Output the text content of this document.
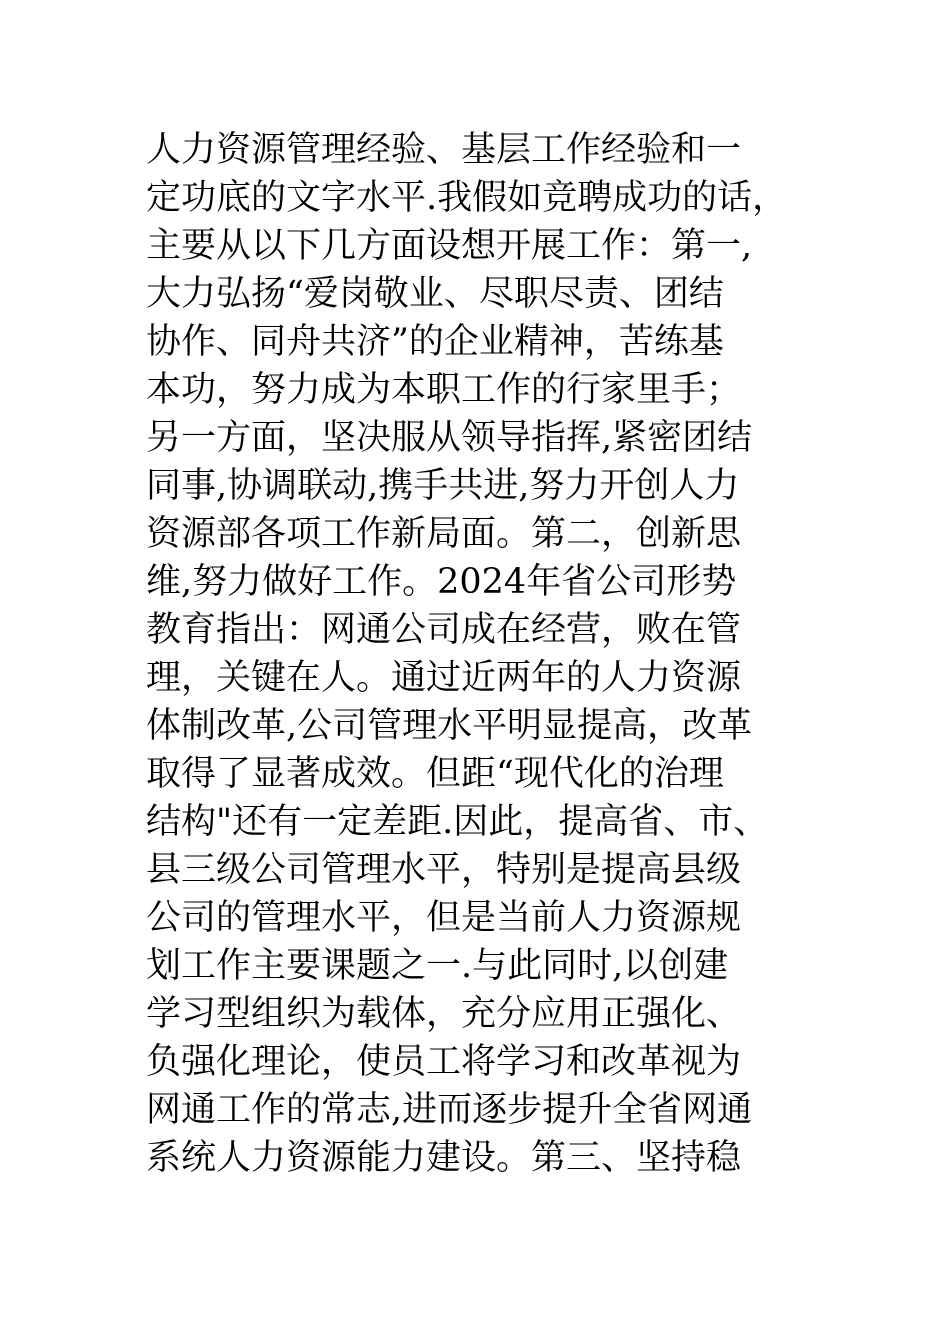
人力资源管理经验、基层工作经验和一
定功底的文字水平.我假如竞聘成功的话，
主要从以下几方面设想开展工作：第一,
大力弘扬“爱岗敬业、尽职尽责、团结
协作、同舟共济”的企业精神，苦练基
本功，努力成为本职工作的行家里手；
另一方面，坚决服从领导指挥,紧密团结
同事,协调联动,携手共进,努力开创人力
资源部各项工作新局面。第二，创新思
维,努力做好工作。2024年省公司形势
教育指出：网通公司成在经营，败在管
理，关键在人。通过近两年的人力资源
体制改革,公司管理水平明显提高，改革
取得了显著成效。但距“现代化的治理
结构"还有一定差距.因此，提高省、市、
县三级公司管理水平，特别是提高县级
公司的管理水平，但是当前人力资源规
划工作主要课题之一.与此同时,以创建
学习型组织为载体，充分应用正强化、
负强化理论，使员工将学习和改革视为
网通工作的常志,进而逐步提升全省网通
系统人力资源能力建设。第三、坚持稳
